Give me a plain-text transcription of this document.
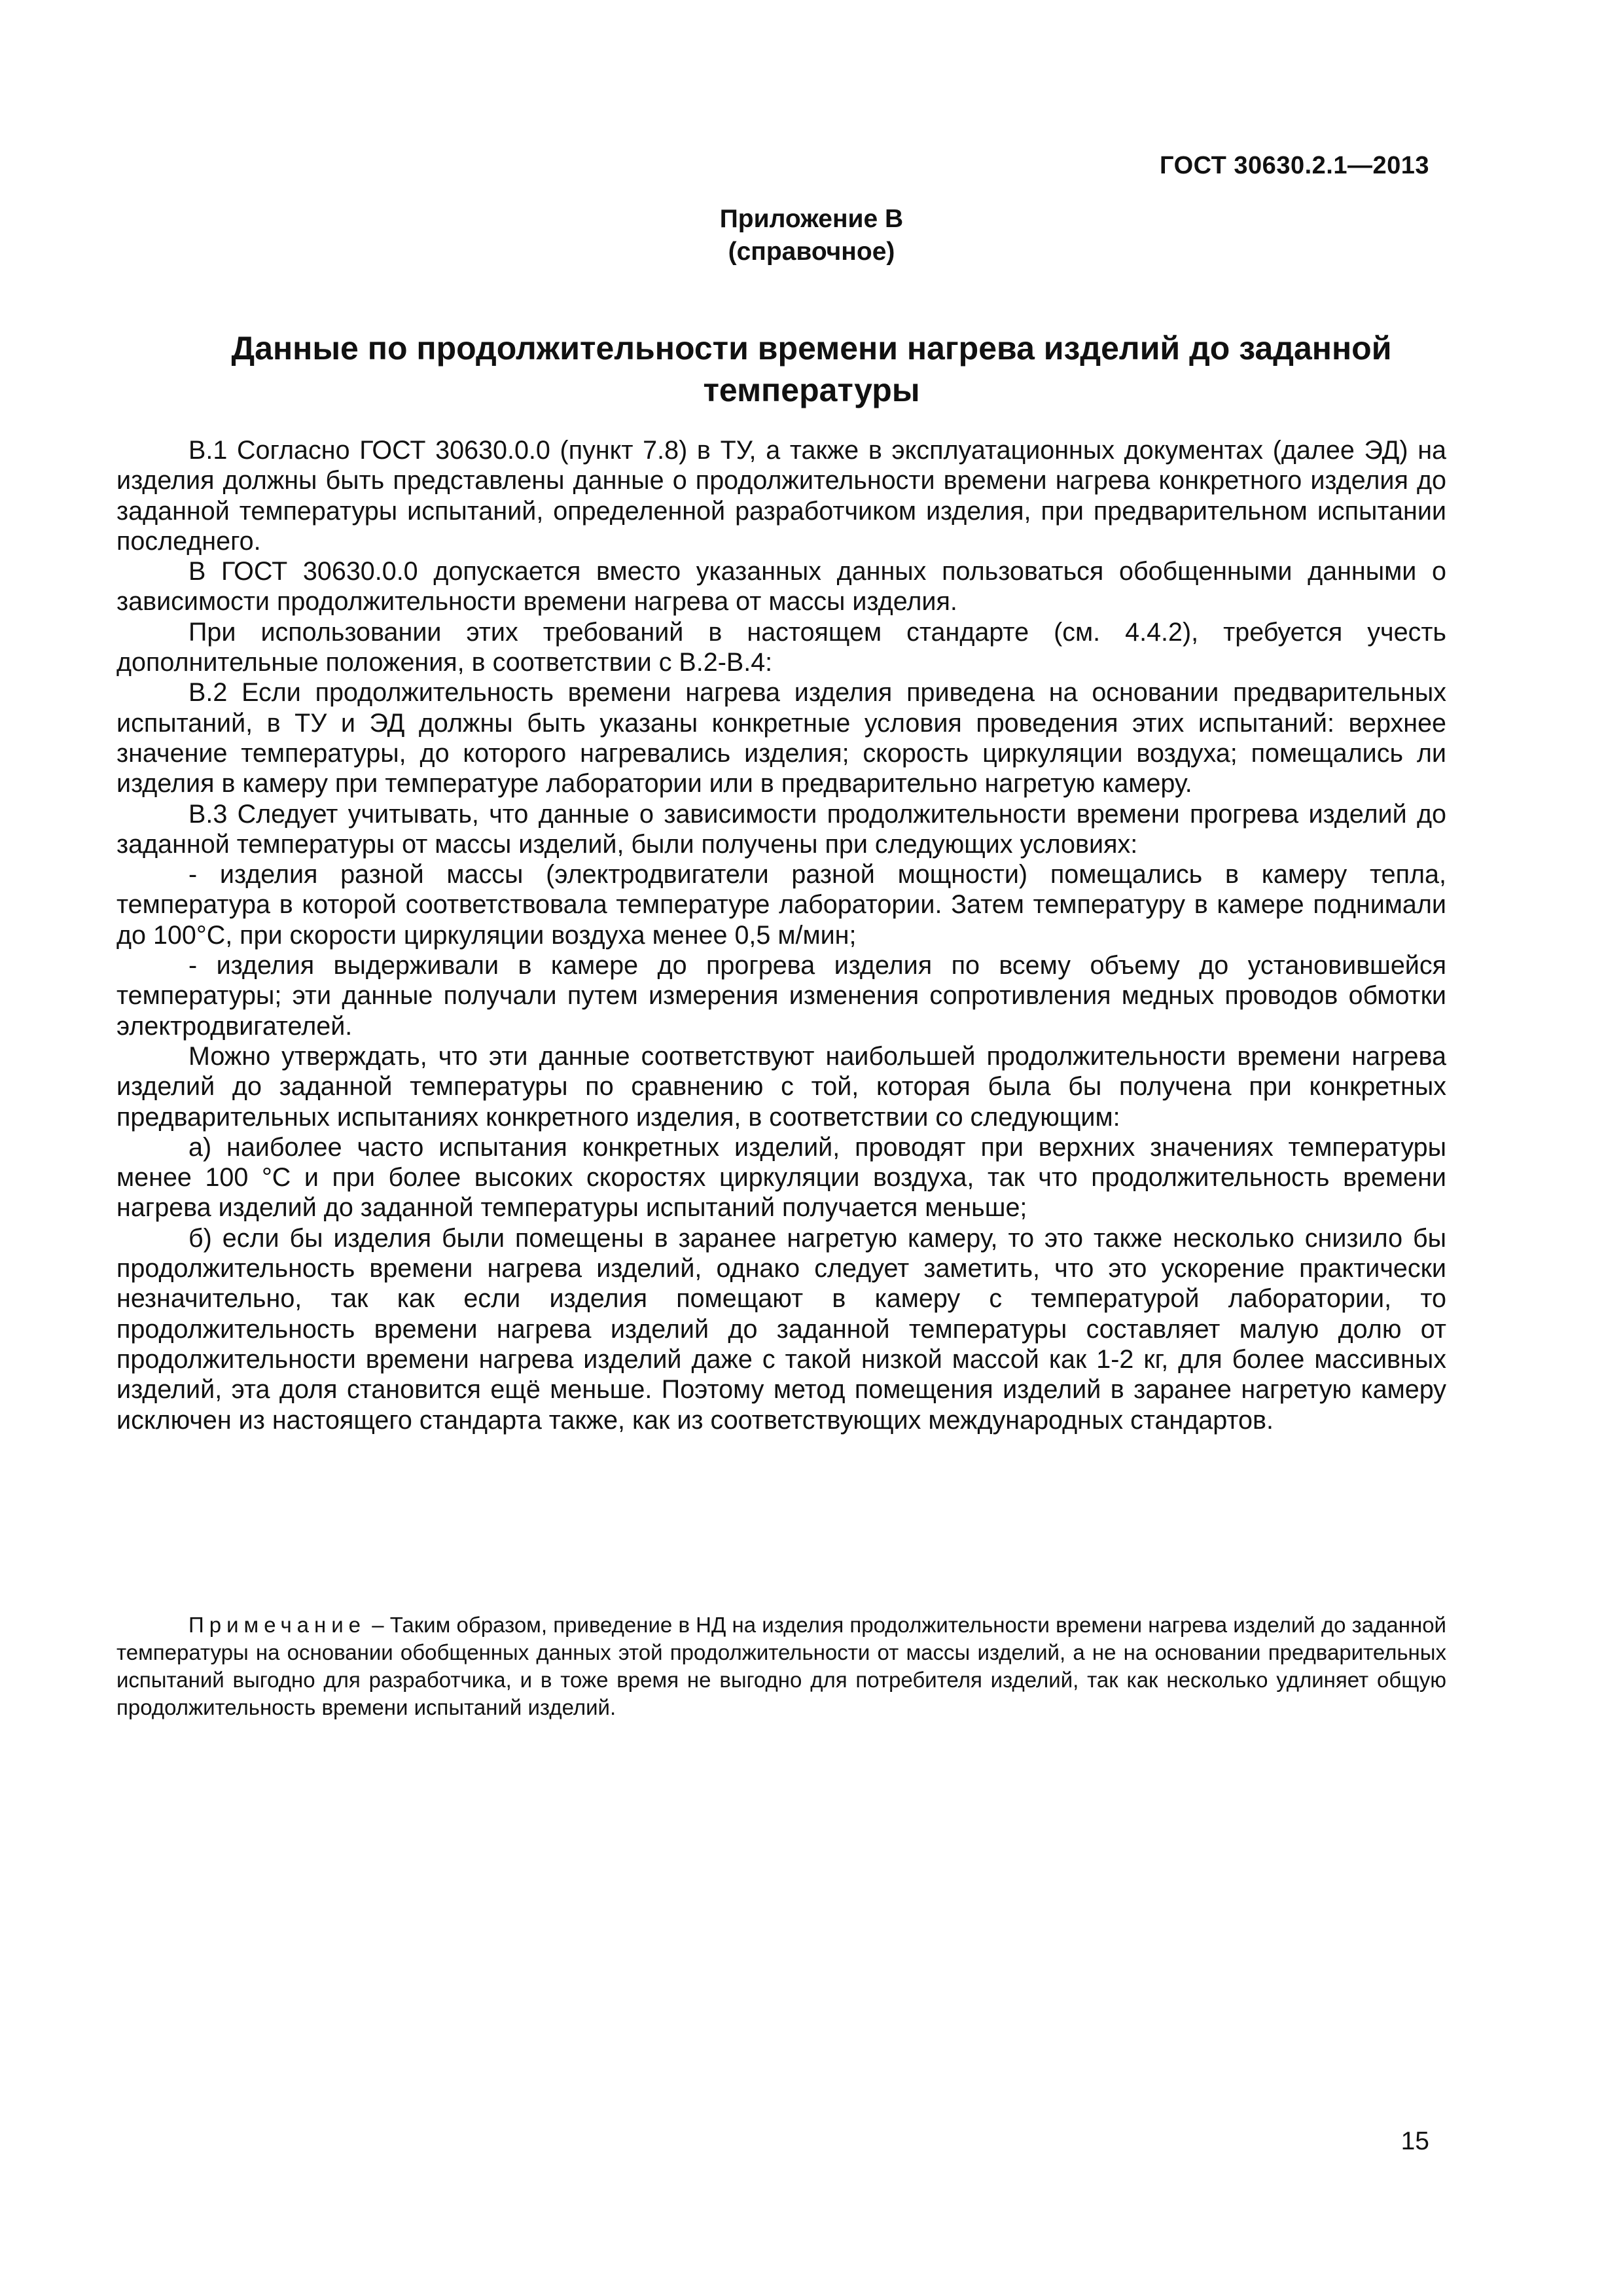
ГОСТ 30630.2.1—2013
Приложение В
(справочное)
Данные по продолжительности времени нагрева изделий до заданной температуры

В.1 Согласно ГОСТ 30630.0.0 (пункт 7.8) в ТУ, а также в эксплуатационных документах (далее ЭД) на изделия должны быть представлены данные о продолжительности времени нагрева конкретного изделия до заданной температуры испытаний, определенной разработчиком изделия, при предварительном испытании последнего.

В ГОСТ 30630.0.0 допускается вместо указанных данных пользоваться обобщенными данными о зависимости продолжительности времени нагрева от массы изделия.

При использовании этих требований в настоящем стандарте (см. 4.4.2), требуется учесть дополнительные положения, в соответствии с В.2-В.4:

В.2 Если продолжительность времени нагрева изделия приведена на основании предварительных испытаний, в ТУ и ЭД должны быть указаны конкретные условия проведения этих испытаний: верхнее значение температуры, до которого нагревались изделия; скорость циркуляции воздуха; помещались ли изделия в камеру при температуре лаборатории или в предварительно нагретую камеру.

В.3 Следует учитывать, что данные о зависимости продолжительности времени прогрева изделий до заданной температуры от массы изделий, были получены при следующих условиях:

- изделия разной массы (электродвигатели разной мощности) помещались в камеру тепла, температура в которой соответствовала температуре лаборатории. Затем температуру в камере поднимали до 100°С, при скорости циркуляции воздуха менее 0,5 м/мин;

- изделия выдерживали в камере до прогрева изделия по всему объему до установившейся температуры; эти данные получали путем измерения изменения сопротивления медных проводов обмотки электродвигателей.

Можно утверждать, что эти данные соответствуют наибольшей продолжительности времени нагрева изделий до заданной температуры по сравнению с той, которая была бы получена при конкретных предварительных испытаниях конкретного изделия, в соответствии со следующим:

а) наиболее часто испытания конкретных изделий, проводят при верхних значениях температуры менее 100 °С и при более высоких скоростях циркуляции воздуха, так что продолжительность времени нагрева изделий до заданной температуры испытаний получается меньше;

б) если бы изделия были помещены в заранее нагретую камеру, то это также несколько снизило бы продолжительность времени нагрева изделий, однако следует заметить, что это ускорение практически незначительно, так как если изделия помещают в камеру с температурой лаборатории, то продолжительность времени нагрева изделий до заданной температуры составляет малую долю от продолжительности времени нагрева изделий даже с такой низкой массой как 1-2 кг, для более массивных изделий, эта доля становится ещё меньше. Поэтому метод помещения изделий в заранее нагретую камеру исключен из настоящего стандарта также, как из соответствующих международных стандартов.

Примечание – Таким образом, приведение в НД на изделия продолжительности времени нагрева изделий до заданной температуры на основании обобщенных данных этой продолжительности от массы изделий, а не на основании предварительных испытаний выгодно для разработчика, и в тоже время не выгодно для потребителя изделий, так как несколько удлиняет общую продолжительность времени испытаний изделий.
15
